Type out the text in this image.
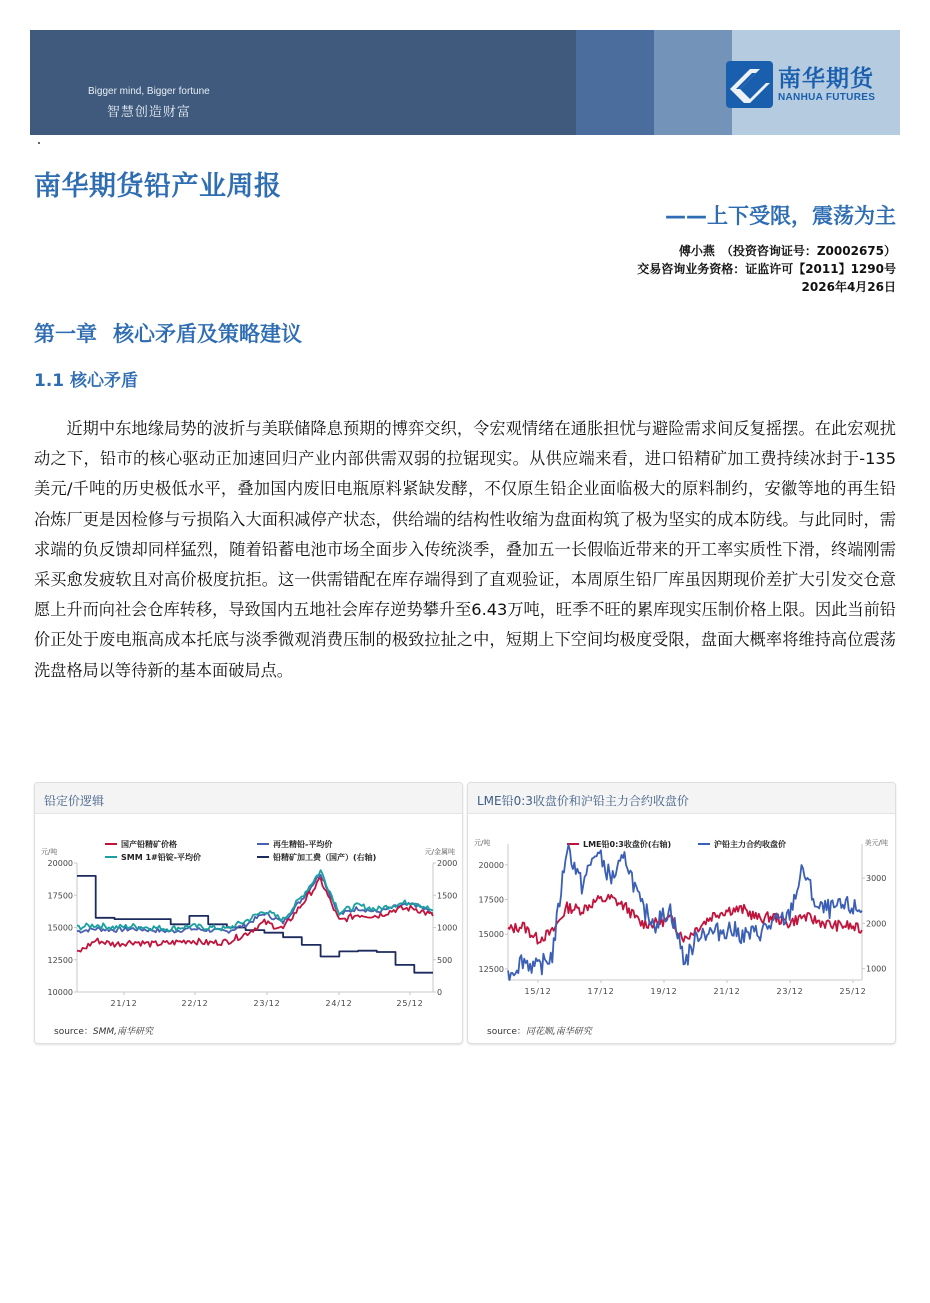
Bigger mind, Bigger fortune
智慧创造财富
南华期货
NANHUA FUTURES
南华期货铅产业周报
——上下受限，震荡为主
傅小燕　（投资咨询证号：Z0002675）
交易咨询业务资格：证监许可【2011】1290号
2026年4月26日
第一章 核心矛盾及策略建议
1.1 核心矛盾

近期中东地缘局势的波折与美联储降息预期的博弈交织，令宏观情绪在通胀担忧与避险需求间反复摇摆。在此宏观扰动之下，铅市的核心驱动正加速回归产业内部供需双弱的拉锯现实。从供应端来看，进口铅精矿加工费持续冰封于-135美元/千吨的历史极低水平，叠加国内废旧电瓶原料紧缺发酵，不仅原生铅企业面临极大的原料制约，安徽等地的再生铅冶炼厂更是因检修与亏损陷入大面积减停产状态，供给端的结构性收缩为盘面构筑了极为坚实的成本防线。与此同时，需求端的负反馈却同样猛烈，随着铅蓄电池市场全面步入传统淡季，叠加五一长假临近带来的开工率实质性下滑，终端刚需采买愈发疲软且对高价极度抗拒。这一供需错配在库存端得到了直观验证，本周原生铅厂库虽因期现价差扩大引发交仓意愿上升而向社会仓库转移，导致国内五地社会库存逆势攀升至6.43万吨，旺季不旺的累库现实压制价格上限。因此当前铅价正处于废电瓶高成本托底与淡季微观消费压制的极致拉扯之中，短期上下空间均极度受限，盘面大概率将维持高位震荡洗盘格局以等待新的基本面破局点。

铅定价逻辑
元/吨	元/金属吨
20000
17500
15000
12500
10000
2000
1500
1000
500
0
21/12	22/12	23/12	24/12	25/12
国产铅精矿价格
SMM 1#铅锭-平均价
再生精铅-平均价
铅精矿加工费（国产）(右轴)
source：SMM,南华研究
LME铅0:3收盘价和沪铅主力合约收盘价
元/吨	美元/吨
20000
17500
15000
12500
3000
2000
1000
15/12	17/12	19/12	21/12	23/12	25/12
LME铅0:3收盘价(右轴)	沪铅主力合约收盘价
source：同花顺,南华研究
